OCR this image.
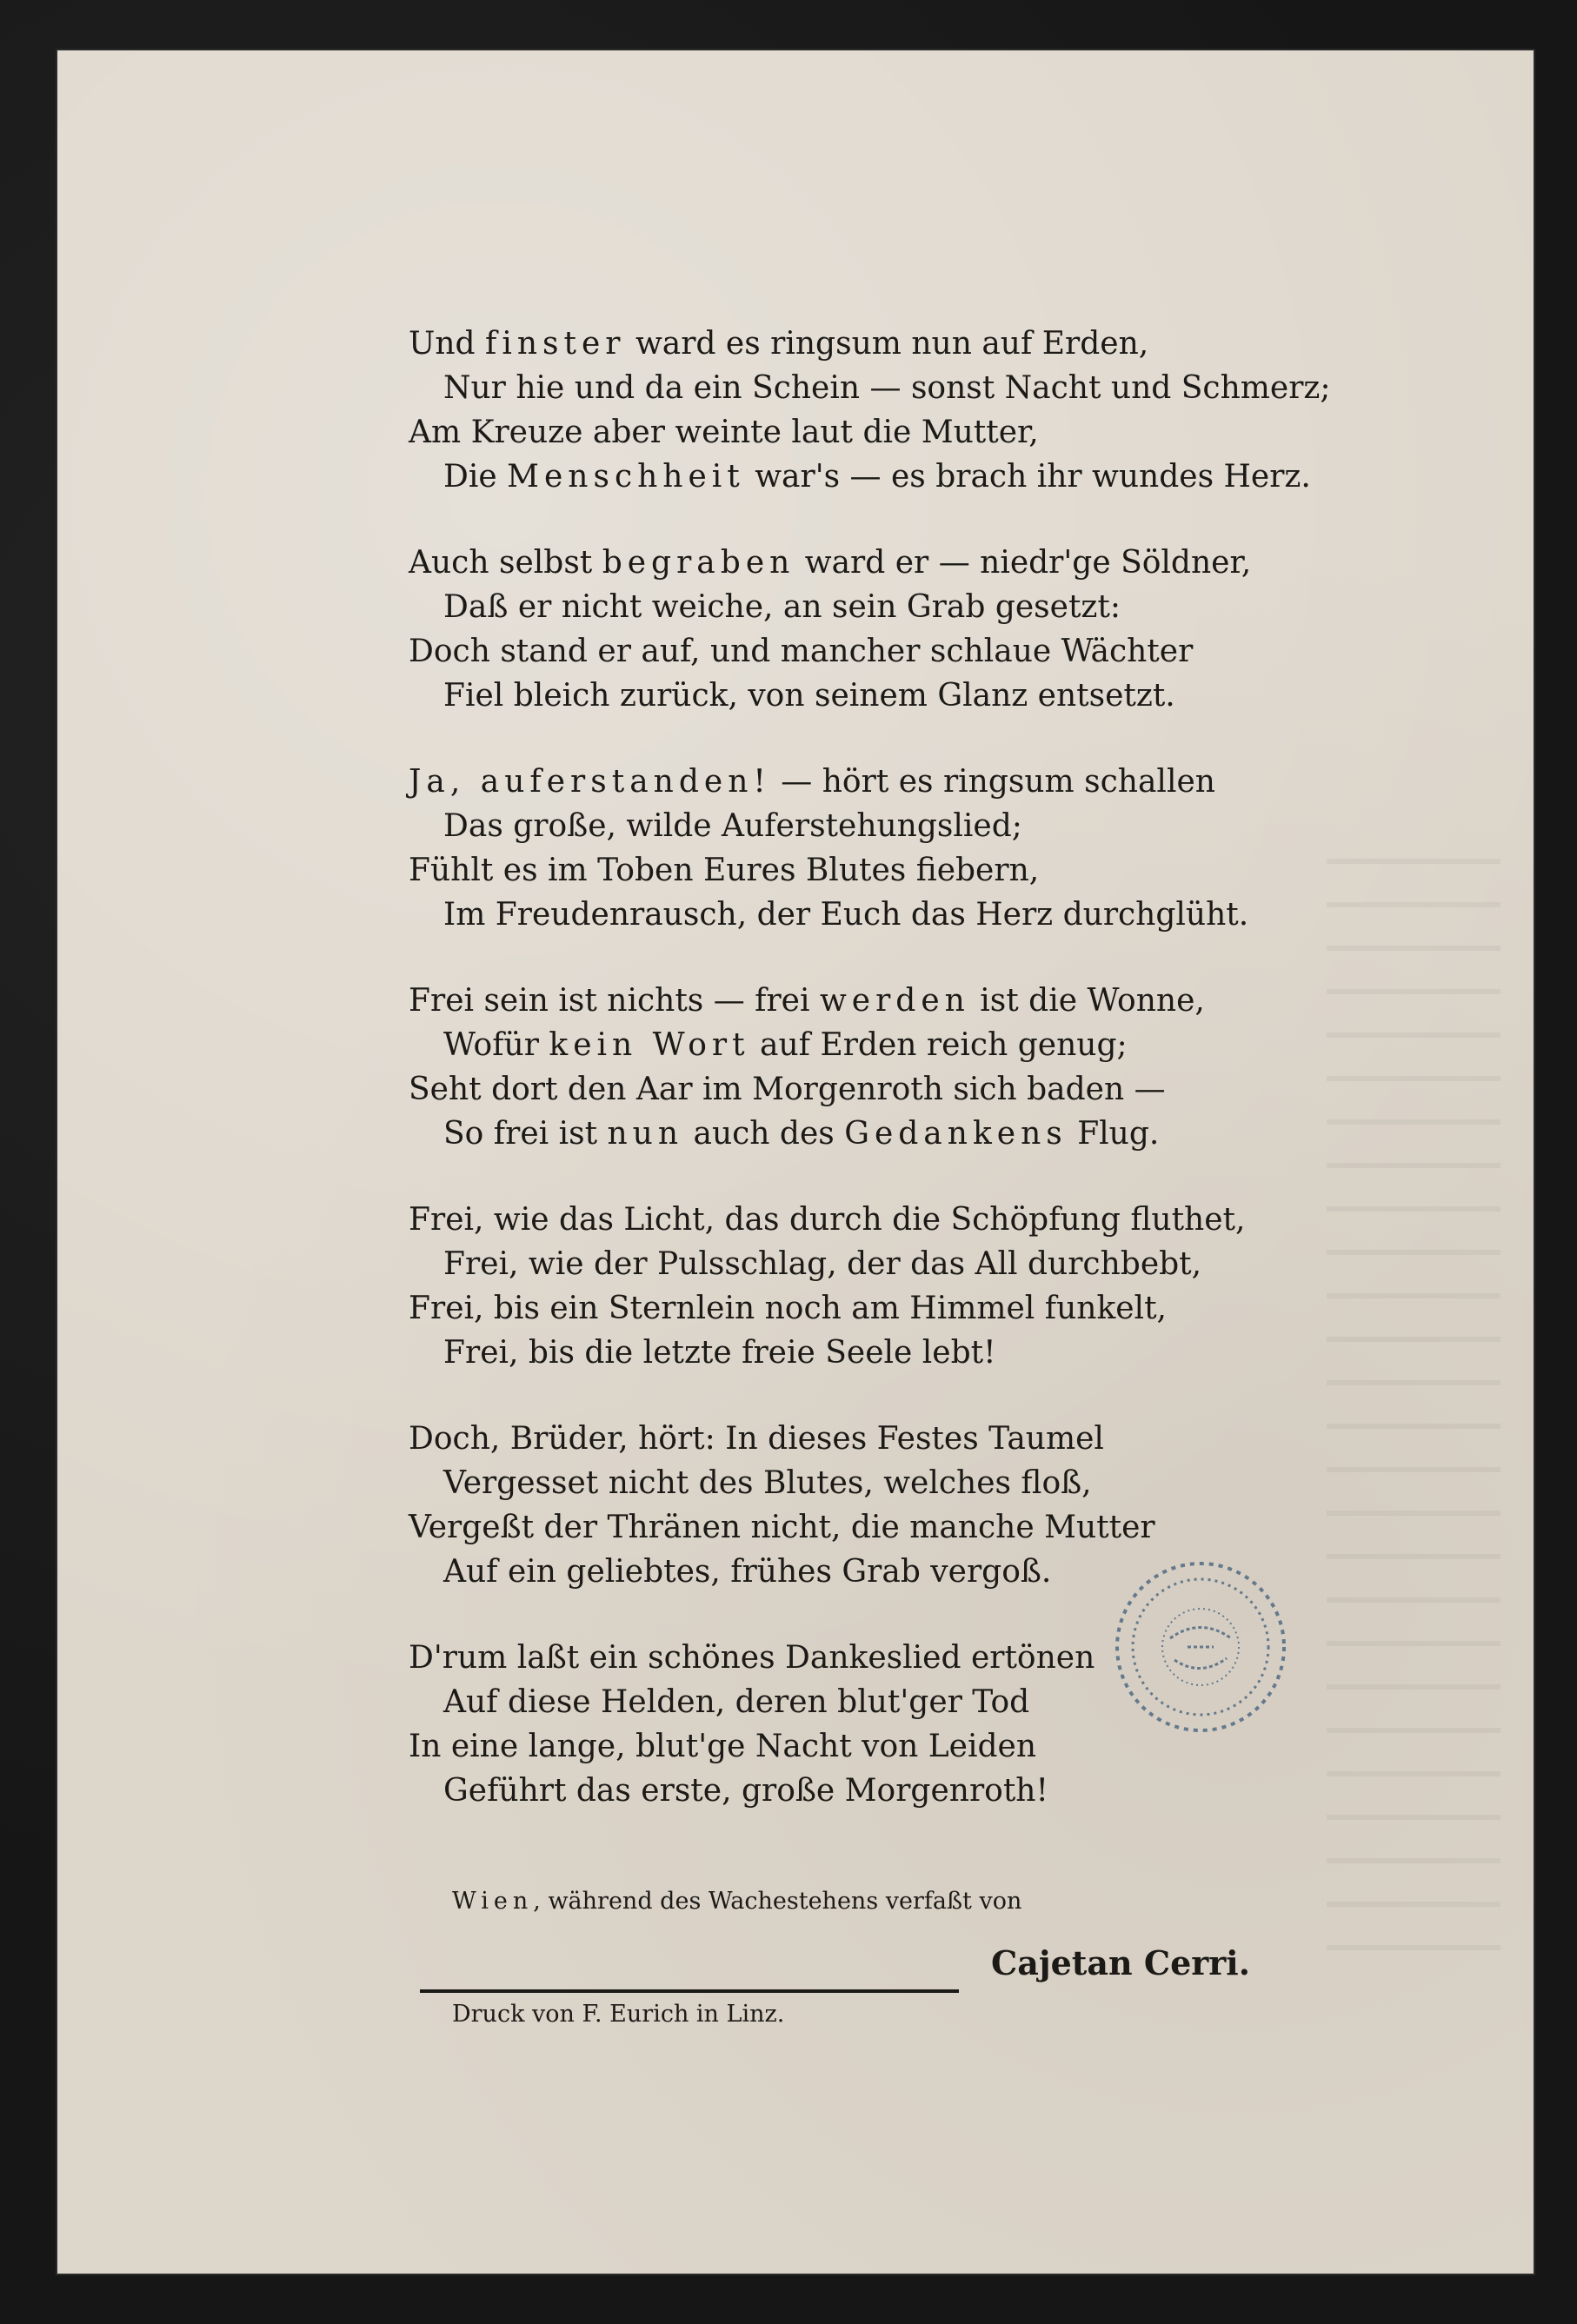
Und finster ward es ringsum nun auf Erden,
Nur hie und da ein Schein — sonst Nacht und Schmerz;
Am Kreuze aber weinte laut die Mutter,
Die Menschheit war's — es brach ihr wundes Herz.
Auch selbst begraben ward er — niedr'ge Söldner,
Daß er nicht weiche, an sein Grab gesetzt:
Doch stand er auf, und mancher schlaue Wächter
Fiel bleich zurück, von seinem Glanz entsetzt.
Ja, auferstanden! — hört es ringsum schallen
Das große, wilde Auferstehungslied;
Fühlt es im Toben Eures Blutes fiebern,
Im Freudenrausch, der Euch das Herz durchglüht.
Frei sein ist nichts — frei werden ist die Wonne,
Wofür kein Wort auf Erden reich genug;
Seht dort den Aar im Morgenroth sich baden —
So frei ist nun auch des Gedankens Flug.
Frei, wie das Licht, das durch die Schöpfung fluthet,
Frei, wie der Pulsschlag, der das All durchbebt,
Frei, bis ein Sternlein noch am Himmel funkelt,
Frei, bis die letzte freie Seele lebt!
Doch, Brüder, hört: In dieses Festes Taumel
Vergesset nicht des Blutes, welches floß,
Vergeßt der Thränen nicht, die manche Mutter
Auf ein geliebtes, frühes Grab vergoß.
D'rum laßt ein schönes Dankeslied ertönen
Auf diese Helden, deren blut'ger Tod
In eine lange, blut'ge Nacht von Leiden
Geführt das erste, große Morgenroth!
Wien, während des Wachestehens verfaßt von
Cajetan Cerri.
Druck von F. Eurich in Linz.
